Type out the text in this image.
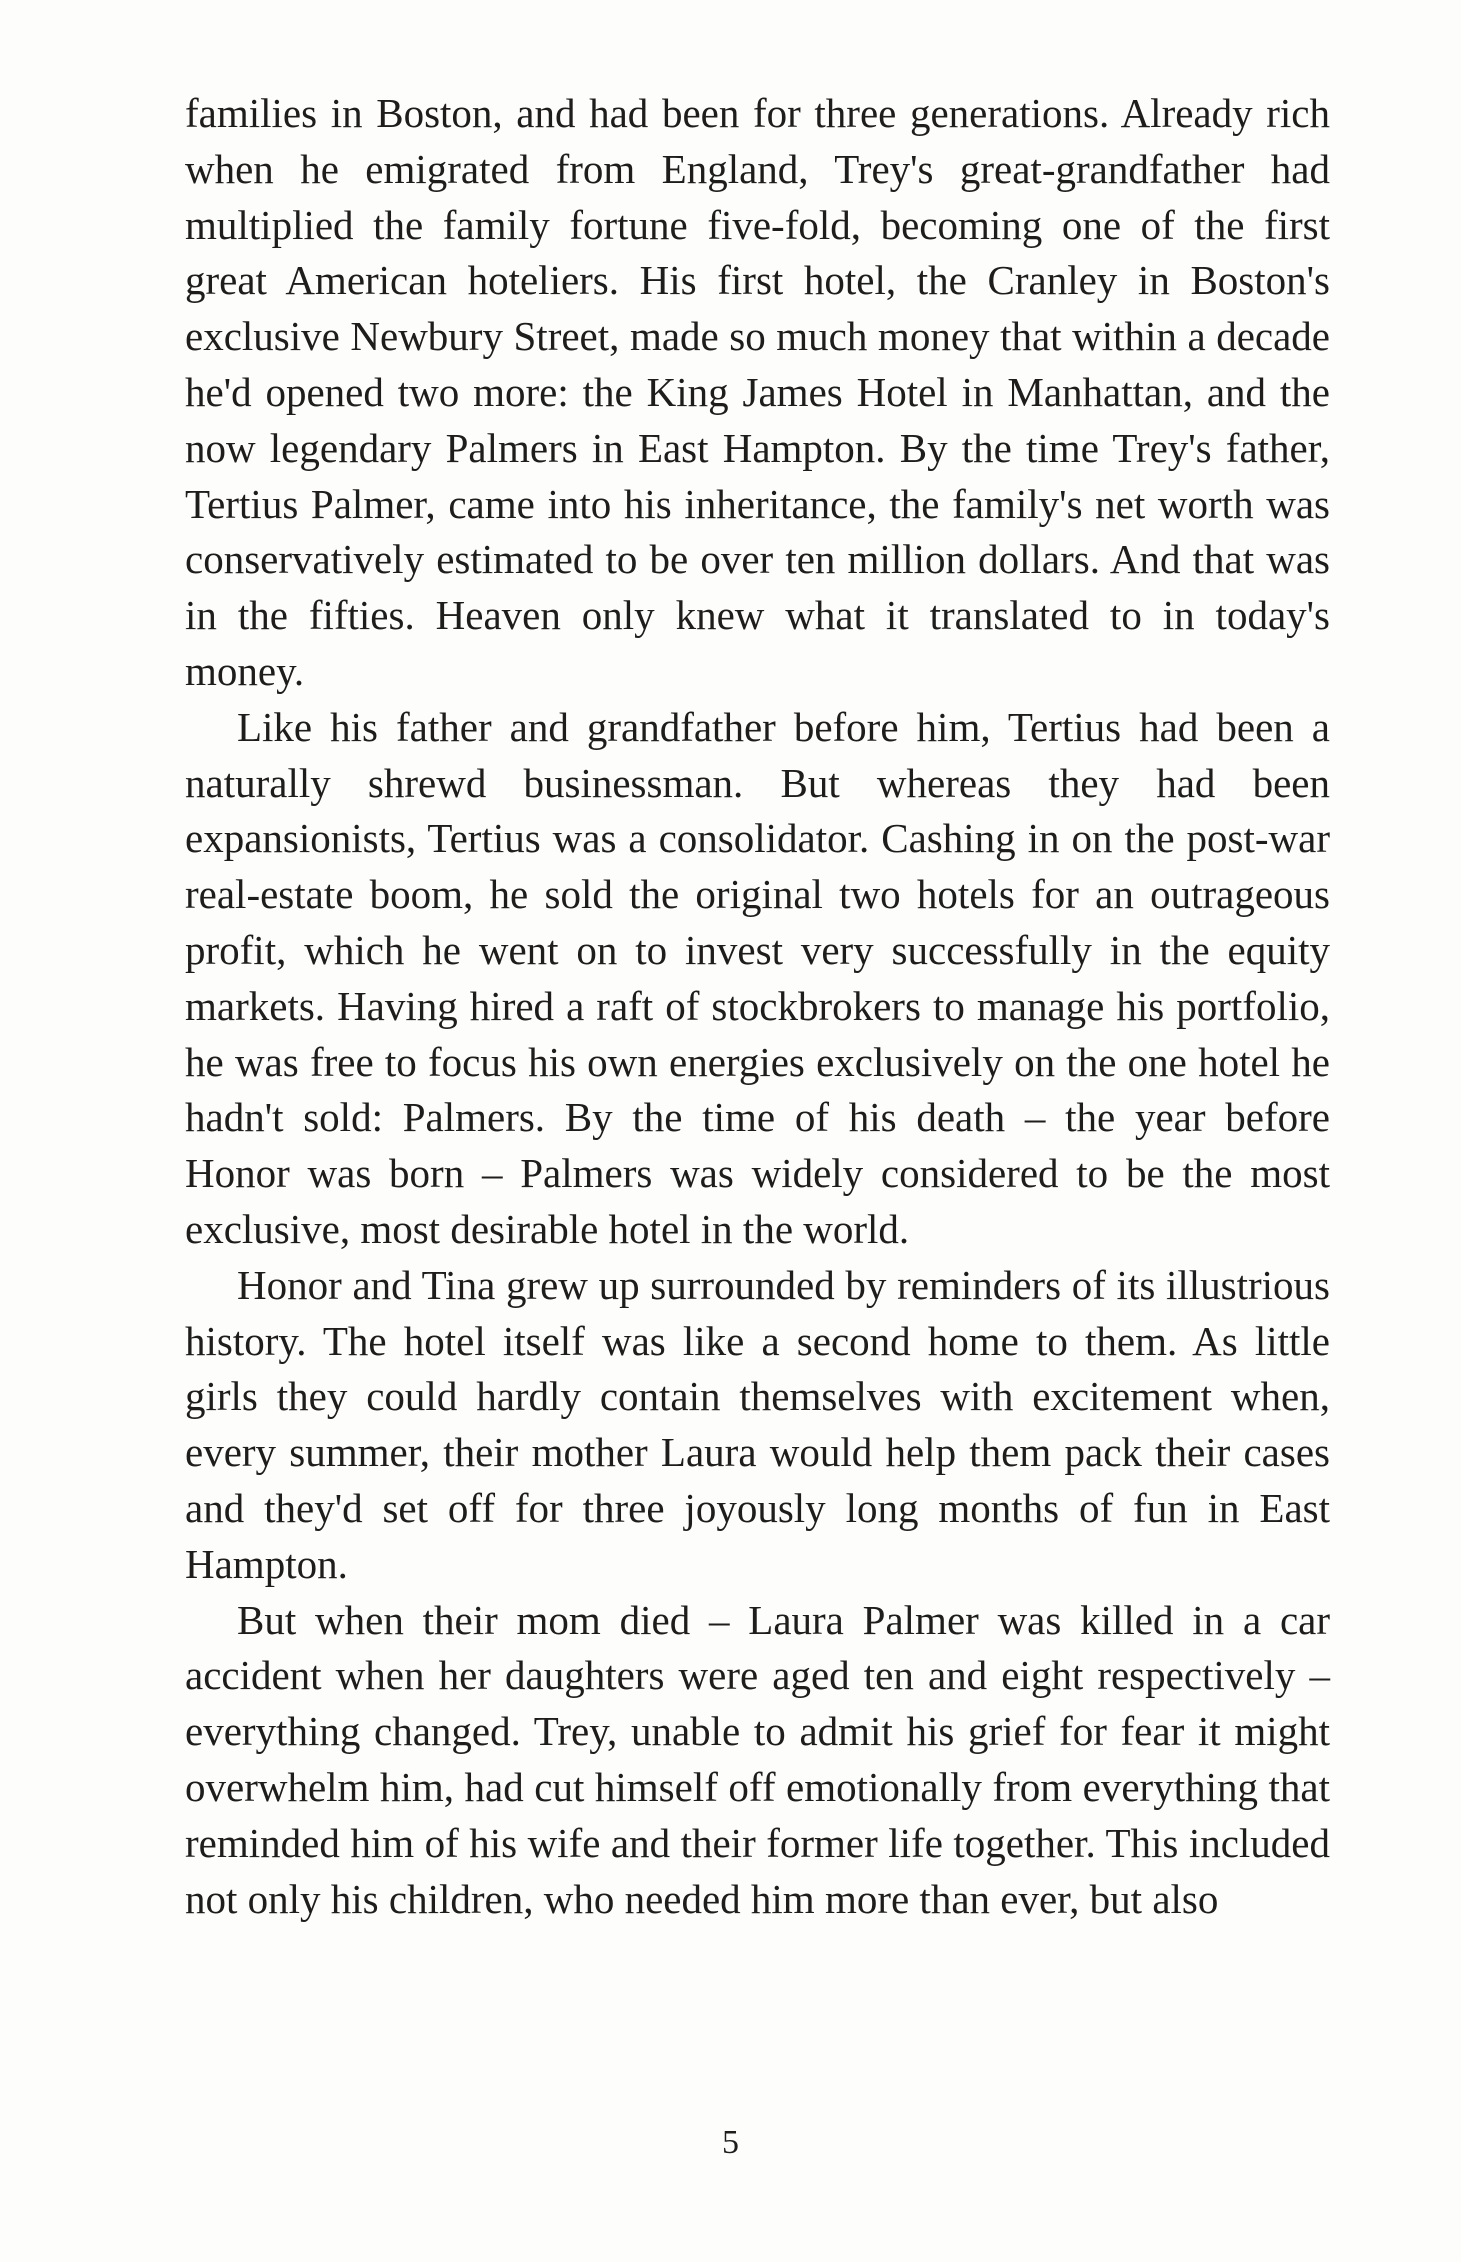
families in Boston, and had been for three generations. Already rich when he emigrated from England, Trey's great-grandfather had multiplied the family fortune five-fold, becoming one of the first great American hoteliers. His first hotel, the Cranley in Boston's exclusive Newbury Street, made so much money that within a decade he'd opened two more: the King James Hotel in Manhattan, and the now legendary Palmers in East Hampton. By the time Trey's father, Tertius Palmer, came into his inheritance, the family's net worth was conservatively estimated to be over ten million dollars. And that was in the fifties. Heaven only knew what it translated to in today's money.

Like his father and grandfather before him, Tertius had been a naturally shrewd businessman. But whereas they had been expansionists, Tertius was a consolidator. Cashing in on the post-war real-estate boom, he sold the original two hotels for an outrageous profit, which he went on to invest very successfully in the equity markets. Having hired a raft of stockbrokers to manage his portfolio, he was free to focus his own energies exclusively on the one hotel he hadn't sold: Palmers. By the time of his death – the year before Honor was born – Palmers was widely considered to be the most exclusive, most desirable hotel in the world.

Honor and Tina grew up surrounded by reminders of its illustrious history. The hotel itself was like a second home to them. As little girls they could hardly contain themselves with excitement when, every summer, their mother Laura would help them pack their cases and they'd set off for three joyously long months of fun in East Hampton.

But when their mom died – Laura Palmer was killed in a car accident when her daughters were aged ten and eight respectively – everything changed. Trey, unable to admit his grief for fear it might overwhelm him, had cut himself off emotionally from everything that reminded him of his wife and their former life together. This included not only his children, who needed him more than ever, but also

5
